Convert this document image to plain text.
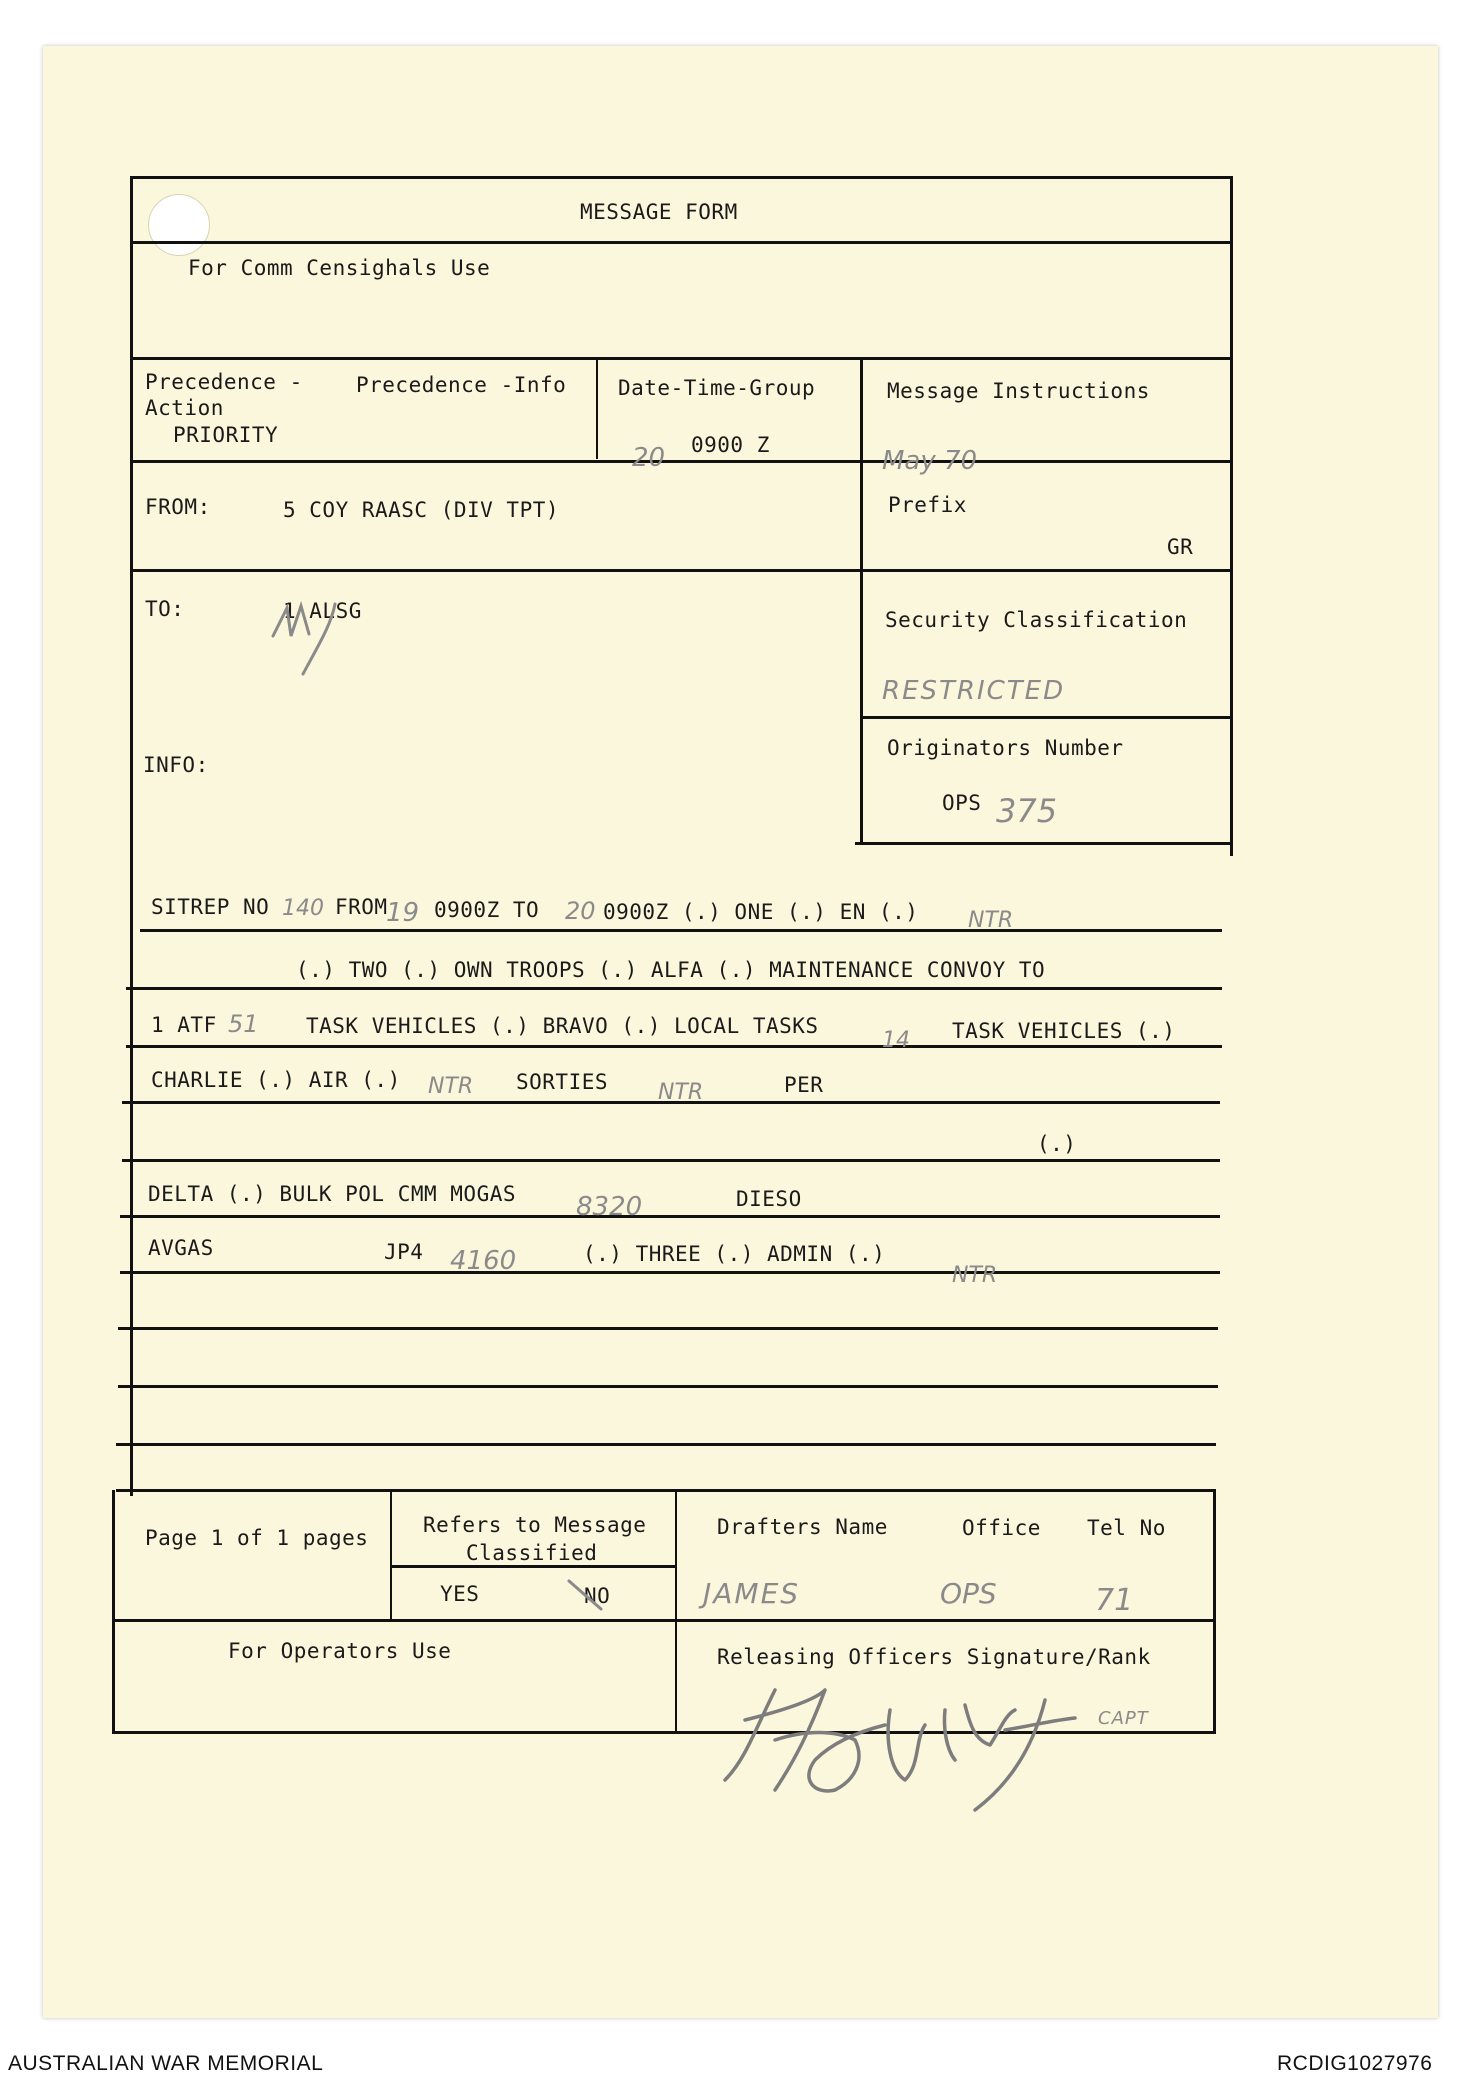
MESSAGE FORM
For Comm Censighals Use
Precedence -
Action
PRIORITY
Precedence -Info Date-Time-Group
20 0900 Z
Message Instructions
May 70
FROM:	5 COY RAASC (DIV TPT)	Prefix
GR
TO:	1 ALSG	Security Classification
RESTRICTED
INFO:
Originators Number
OPS 375
SITREP NO 140 FROM
19 0900Z TO 20 0900Z (.) ONE (.) EN (.) NTR
(.) TWO (.) OWN TROOPS (.) ALFA (.) MAINTENANCE CONVOY TO
1 ATF 51 TASK VEHICLES (.) BRAVO (.) LOCAL TASKS
14 TASK VEHICLES (.)
CHARLIE (.) AIR (.) NTR SORTIES NTR	PER
(.)
DELTA (.) BULK POL CMM MOGAS 8320	DIESO
AVGAS	JP4 4160	(.) THREE (.) ADMIN (.)
NTR
Page 1 of 1 pages
Refers to Message
Classified
YES	NO
Drafters Name	Office Tel No
JAMES	OPS	71
For Operators Use	Releasing Officers Signature/Rank
CAPT
AUSTRALIAN WAR MEMORIAL	RCDIG1027976
